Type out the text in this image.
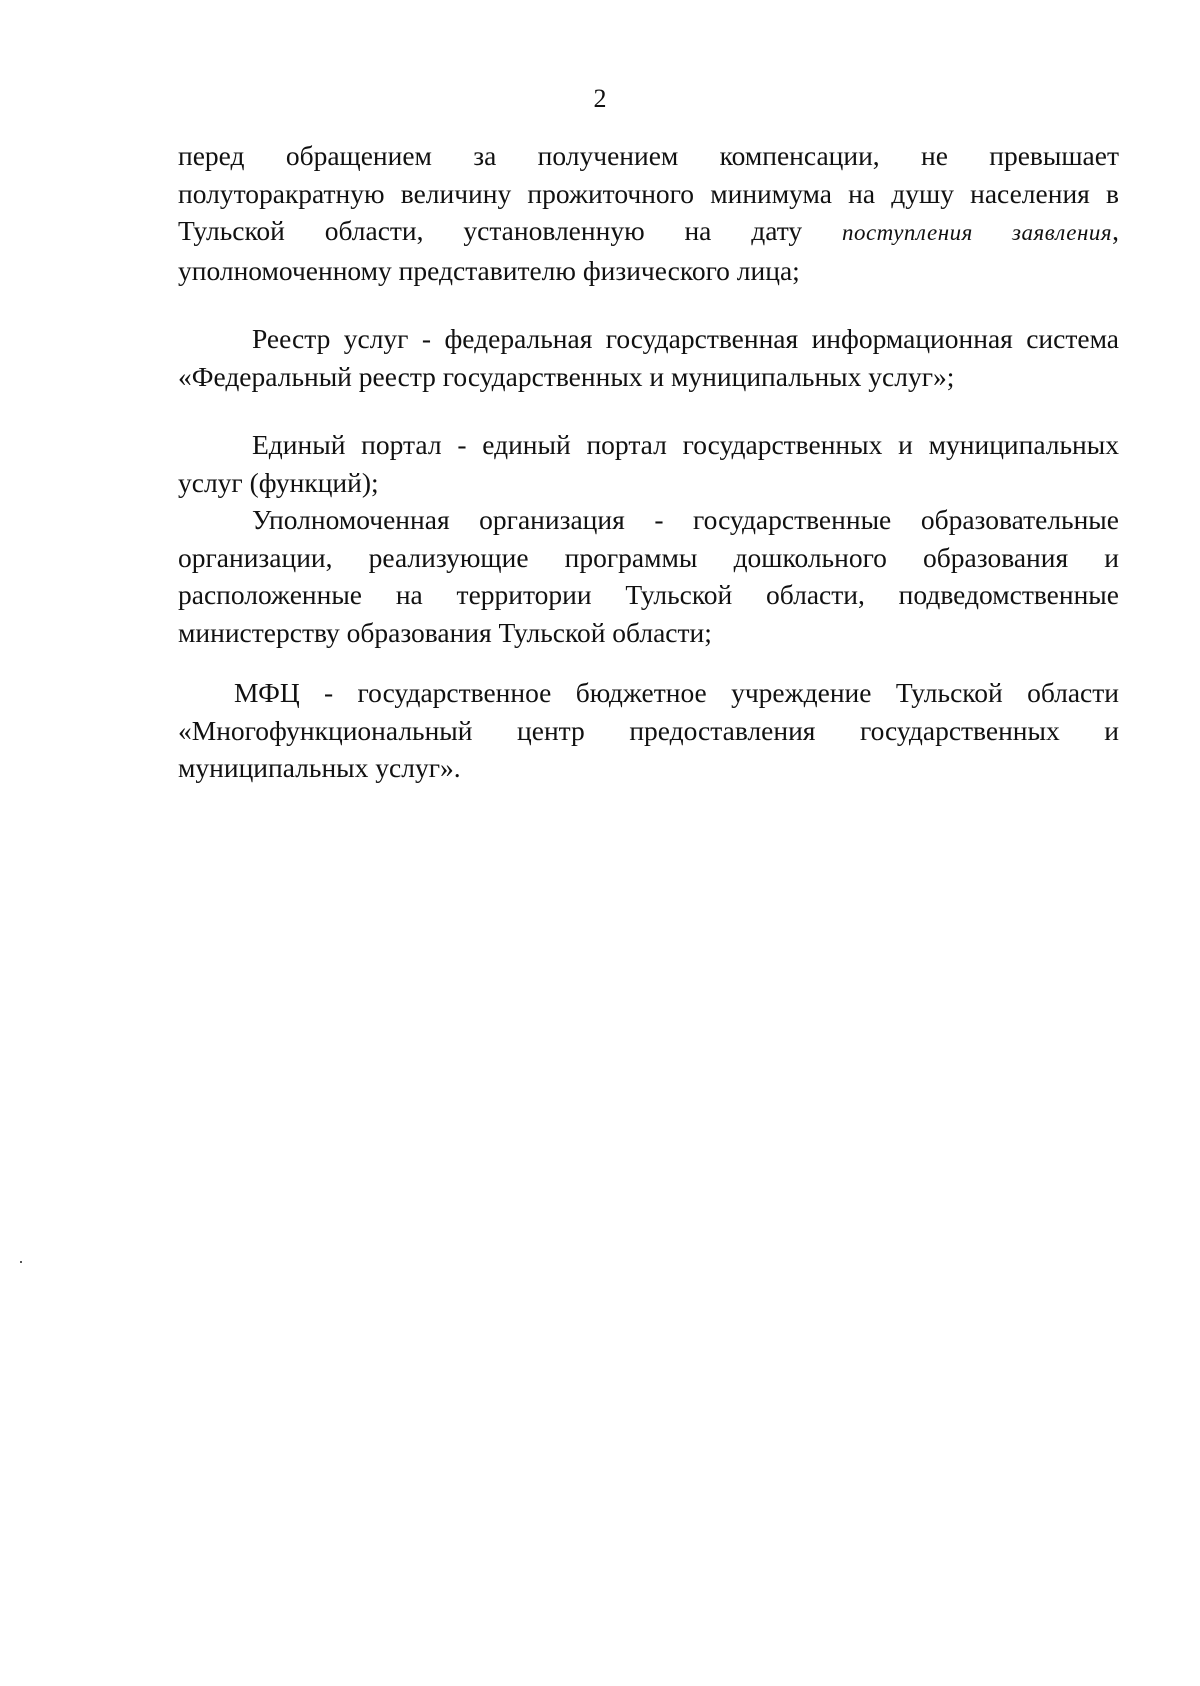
2

перед обращением за получением компенсации, не превышает полуторакратную величину прожиточного минимума на душу населения в Тульской области, установленную на дату поступления заявления, уполномоченному представителю физического лица;

Реестр услуг - федеральная государственная информационная система «Федеральный реестр государственных и муниципальных услуг»;

Единый портал - единый портал государственных и муниципальных услуг (функций);

Уполномоченная организация - государственные образовательные организации, реализующие программы дошкольного образования и расположенные на территории Тульской области, подведомственные министерству образования Тульской области;

МФЦ - государственное бюджетное учреждение Тульской области «Многофункциональный центр предоставления государственных и муниципальных услуг».
